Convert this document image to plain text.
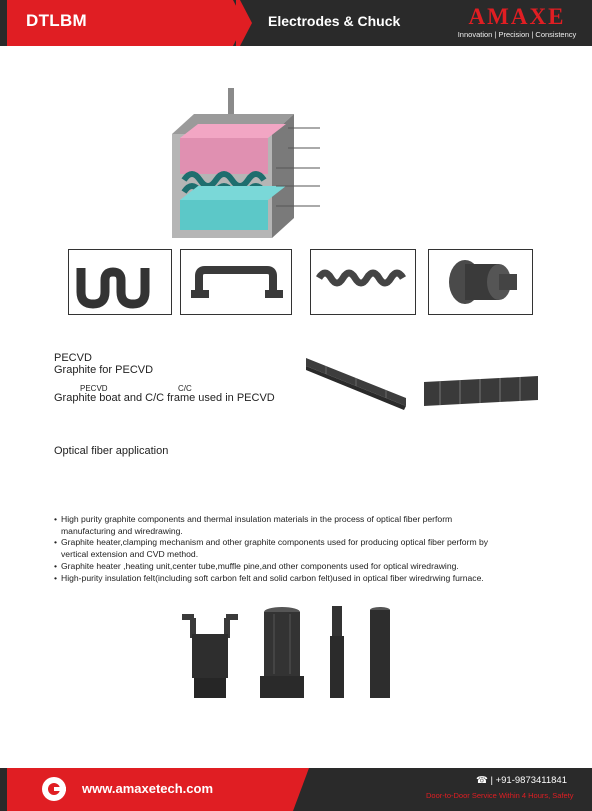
DTLBM	Electrodes & Chuck	AMAXE
Innovation | Precision | Consistency
PECVD
Graphite for PECVD
PECVD	C/C
Graphite boat and C/C frame used in PECVD
Optical fiber application
• High purity graphite components and thermal insulation materials in the process of optical fiber perform
manufacturing and wiredrawing.
• Graphite heater,clamping mechanism and other graphite components used for producing optical fiber perform by
vertical extension and CVD method.
• Graphite heater ,heating unit,center tube,muffle pine,and other components used for optical wiredrawing.
• High-purity insulation felt(including soft carbon felt and solid carbon felt)used in optical fiber wiredrwing furnace.
www.amaxetech.com
☎ | +91-9873411841
Door-to-Door Service Within 4 Hours, Safety
